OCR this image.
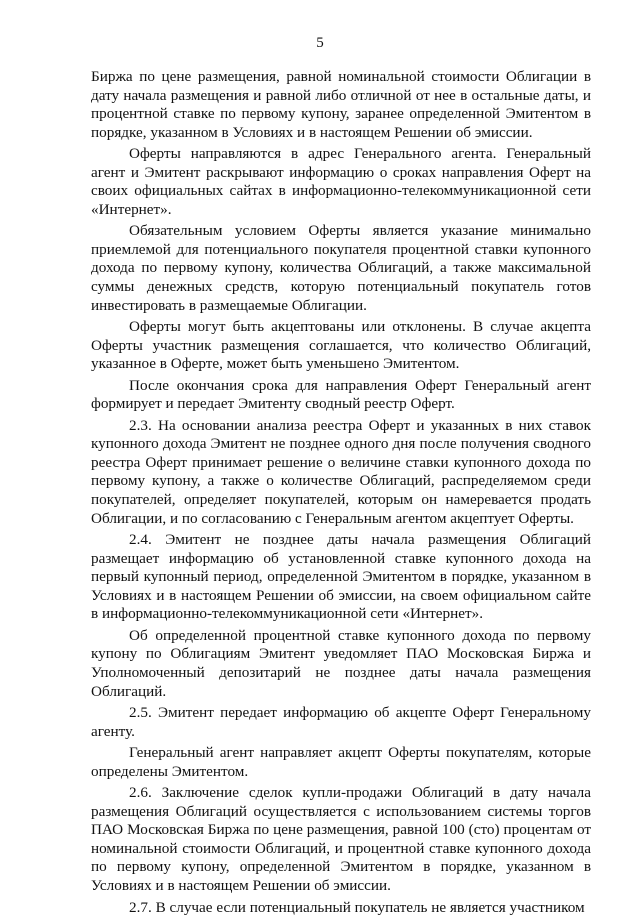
5

Биржа по цене размещения, равной номинальной стоимости Облигации в дату начала размещения и равной либо отличной от нее в остальные даты, и процентной ставке по первому купону, заранее определенной Эмитентом в порядке, указанном в Условиях и в настоящем Решении об эмиссии.

Оферты направляются в адрес Генерального агента. Генеральный агент и Эмитент раскрывают информацию о сроках направления Оферт на своих официальных сайтах в информационно-телекоммуникационной сети «Интернет».

Обязательным условием Оферты является указание минимально приемлемой для потенциального покупателя процентной ставки купонного дохода по первому купону, количества Облигаций, а также максимальной суммы денежных средств, которую потенциальный покупатель готов инвестировать в размещаемые Облигации.

Оферты могут быть акцептованы или отклонены. В случае акцепта Оферты участник размещения соглашается, что количество Облигаций, указанное в Оферте, может быть уменьшено Эмитентом.

После окончания срока для направления Оферт Генеральный агент формирует и передает Эмитенту сводный реестр Оферт.

2.3. На основании анализа реестра Оферт и указанных в них ставок купонного дохода Эмитент не позднее одного дня после получения сводного реестра Оферт принимает решение о величине ставки купонного дохода по первому купону, а также о количестве Облигаций, распределяемом среди покупателей, определяет покупателей, которым он намеревается продать Облигации, и по согласованию с Генеральным агентом акцептует Оферты.

2.4. Эмитент не позднее даты начала размещения Облигаций размещает информацию об установленной ставке купонного дохода на первый купонный период, определенной Эмитентом в порядке, указанном в Условиях и в настоящем Решении об эмиссии, на своем официальном сайте в информационно-телекоммуникационной сети «Интернет».

Об определенной процентной ставке купонного дохода по первому купону по Облигациям Эмитент уведомляет ПАО Московская Биржа и Уполномоченный депозитарий не позднее даты начала размещения Облигаций.

2.5. Эмитент передает информацию об акцепте Оферт Генеральному агенту.

Генеральный агент направляет акцепт Оферты покупателям, которые определены Эмитентом.

2.6. Заключение сделок купли-продажи Облигаций в дату начала размещения Облигаций осуществляется с использованием системы торгов ПАО Московская Биржа по цене размещения, равной 100 (сто) процентам от номинальной стоимости Облигаций, и процентной ставке купонного дохода по первому купону, определенной Эмитентом в порядке, указанном в Условиях и в настоящем Решении об эмиссии.

2.7. В случае если потенциальный покупатель не является участником
